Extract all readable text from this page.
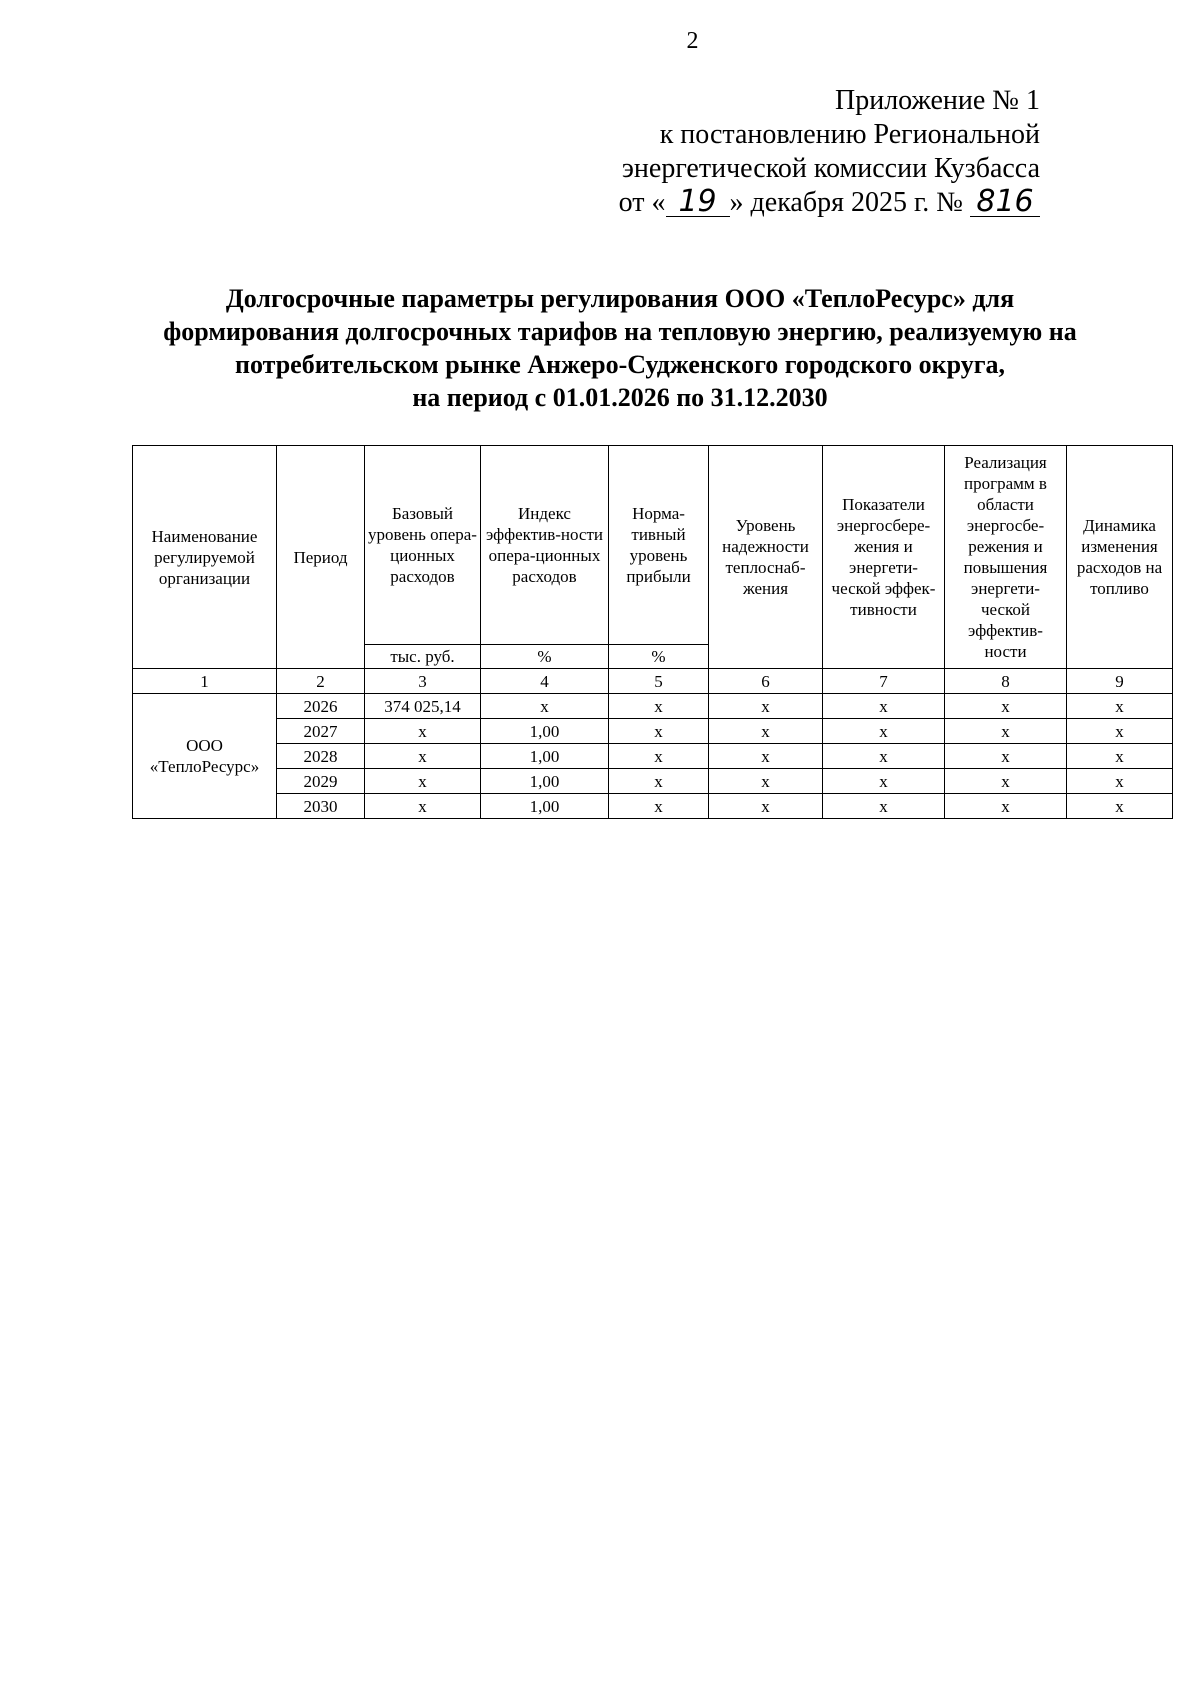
2
Приложение № 1
к постановлению Региональной
энергетической комиссии Кузбасса
от « 19 » декабря 2025 г. № 816
Долгосрочные параметры регулирования ООО «ТеплоРесурс» для
формирования долгосрочных тарифов на тепловую энергию, реализуемую на
потребительском рынке Анжеро-Судженского городского округа,
на период с 01.01.2026 по 31.12.2030
Наименование регулируемой организации	Период	Базовый уровень опера-ционных расходов	Индекс эффектив-ности опера-ционных расходов	Норма-тивный уровень прибыли	Уровень надежности теплоснаб-жения	Показатели энергосбере-жения и энергети-ческой эффек-тивности	Реализация программ в области энергосбе-режения и повышения энергети-ческой эффектив-ности	Динамика изменения расходов на топливо
		тыс. руб.	%	%				
1	2	3	4	5	6	7	8	9
ООО «ТеплоРесурс»	2026	374 025,14	х	х	х	х	х	х
	2027	х	1,00	х	х	х	х	х
	2028	х	1,00	х	х	х	х	х
	2029	х	1,00	х	х	х	х	х
	2030	х	1,00	х	х	х	х	х
